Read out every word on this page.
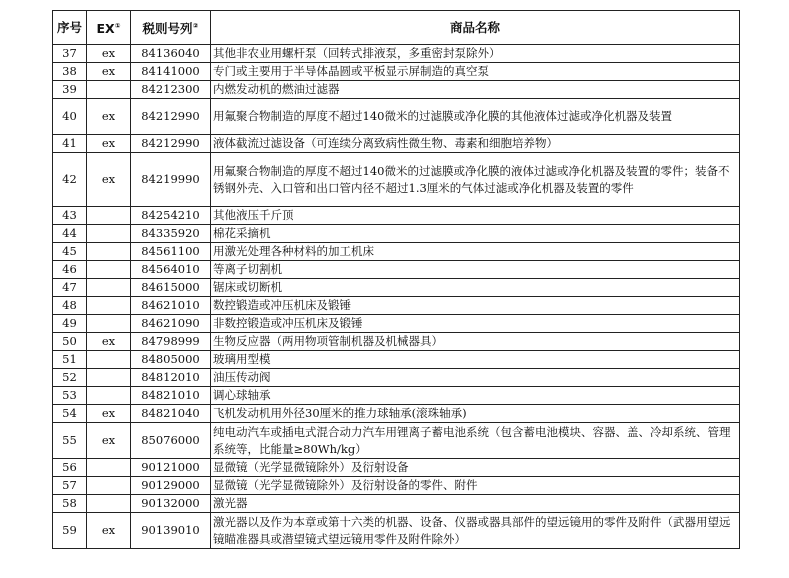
序号	EX①	税则号列②	商品名称
37	ex	84136040	其他非农业用螺杆泵（回转式排液泵，多重密封泵除外）
38	ex	84141000	专门或主要用于半导体晶圆或平板显示屏制造的真空泵
39		84212300	内燃发动机的燃油过滤器
40	ex	84212990	用氟聚合物制造的厚度不超过140微米的过滤膜或净化膜的其他液体过滤或净化机器及装置
41	ex	84212990	液体截流过滤设备（可连续分离致病性微生物、毒素和细胞培养物）
42	ex	84219990	用氟聚合物制造的厚度不超过140微米的过滤膜或净化膜的液体过滤或净化机器及装置的零件；装备不锈钢外壳、入口管和出口管内径不超过1.3厘米的气体过滤或净化机器及装置的零件
43		84254210	其他液压千斤顶
44		84335920	棉花采摘机
45		84561100	用激光处理各种材料的加工机床
46		84564010	等离子切割机
47		84615000	锯床或切断机
48		84621010	数控锻造或冲压机床及锻锤
49		84621090	非数控锻造或冲压机床及锻锤
50	ex	84798999	生物反应器（两用物项管制机器及机械器具）
51		84805000	玻璃用型模
52		84812010	油压传动阀
53		84821010	调心球轴承
54	ex	84821040	飞机发动机用外径30厘米的推力球轴承(滚珠轴承)
55	ex	85076000	纯电动汽车或插电式混合动力汽车用锂离子蓄电池系统（包含蓄电池模块、容器、盖、冷却系统、管理系统等，比能量≥80Wh/kg）
56		90121000	显微镜（光学显微镜除外）及衍射设备
57		90129000	显微镜（光学显微镜除外）及衍射设备的零件、附件
58		90132000	激光器
59	ex	90139010	激光器以及作为本章或第十六类的机器、设备、仪器或器具部件的望远镜用的零件及附件（武器用望远镜瞄准器具或潜望镜式望远镜用零件及附件除外）
